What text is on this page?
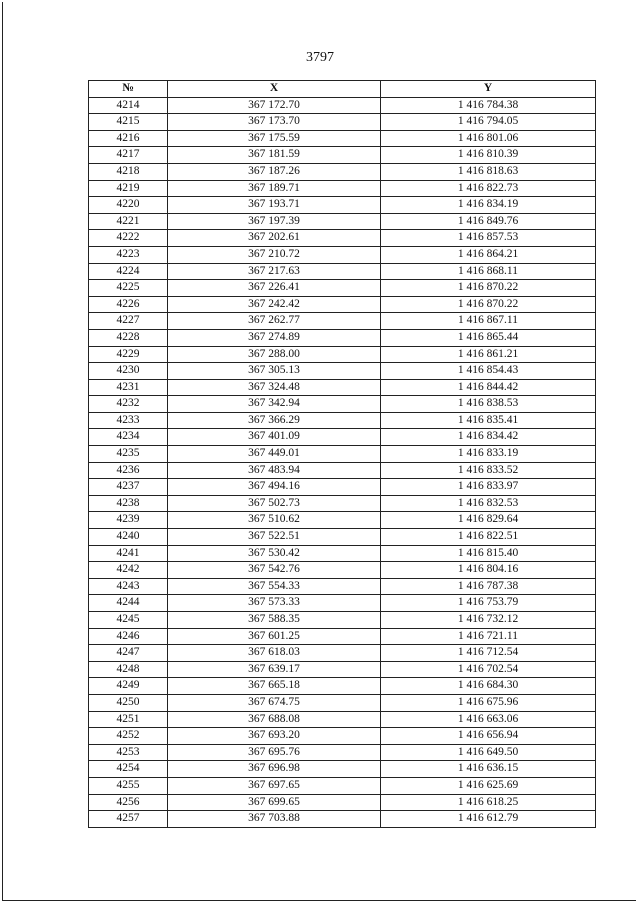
3797
№	X	Y
4214	367 172.70	1 416 784.38
4215	367 173.70	1 416 794.05
4216	367 175.59	1 416 801.06
4217	367 181.59	1 416 810.39
4218	367 187.26	1 416 818.63
4219	367 189.71	1 416 822.73
4220	367 193.71	1 416 834.19
4221	367 197.39	1 416 849.76
4222	367 202.61	1 416 857.53
4223	367 210.72	1 416 864.21
4224	367 217.63	1 416 868.11
4225	367 226.41	1 416 870.22
4226	367 242.42	1 416 870.22
4227	367 262.77	1 416 867.11
4228	367 274.89	1 416 865.44
4229	367 288.00	1 416 861.21
4230	367 305.13	1 416 854.43
4231	367 324.48	1 416 844.42
4232	367 342.94	1 416 838.53
4233	367 366.29	1 416 835.41
4234	367 401.09	1 416 834.42
4235	367 449.01	1 416 833.19
4236	367 483.94	1 416 833.52
4237	367 494.16	1 416 833.97
4238	367 502.73	1 416 832.53
4239	367 510.62	1 416 829.64
4240	367 522.51	1 416 822.51
4241	367 530.42	1 416 815.40
4242	367 542.76	1 416 804.16
4243	367 554.33	1 416 787.38
4244	367 573.33	1 416 753.79
4245	367 588.35	1 416 732.12
4246	367 601.25	1 416 721.11
4247	367 618.03	1 416 712.54
4248	367 639.17	1 416 702.54
4249	367 665.18	1 416 684.30
4250	367 674.75	1 416 675.96
4251	367 688.08	1 416 663.06
4252	367 693.20	1 416 656.94
4253	367 695.76	1 416 649.50
4254	367 696.98	1 416 636.15
4255	367 697.65	1 416 625.69
4256	367 699.65	1 416 618.25
4257	367 703.88	1 416 612.79
